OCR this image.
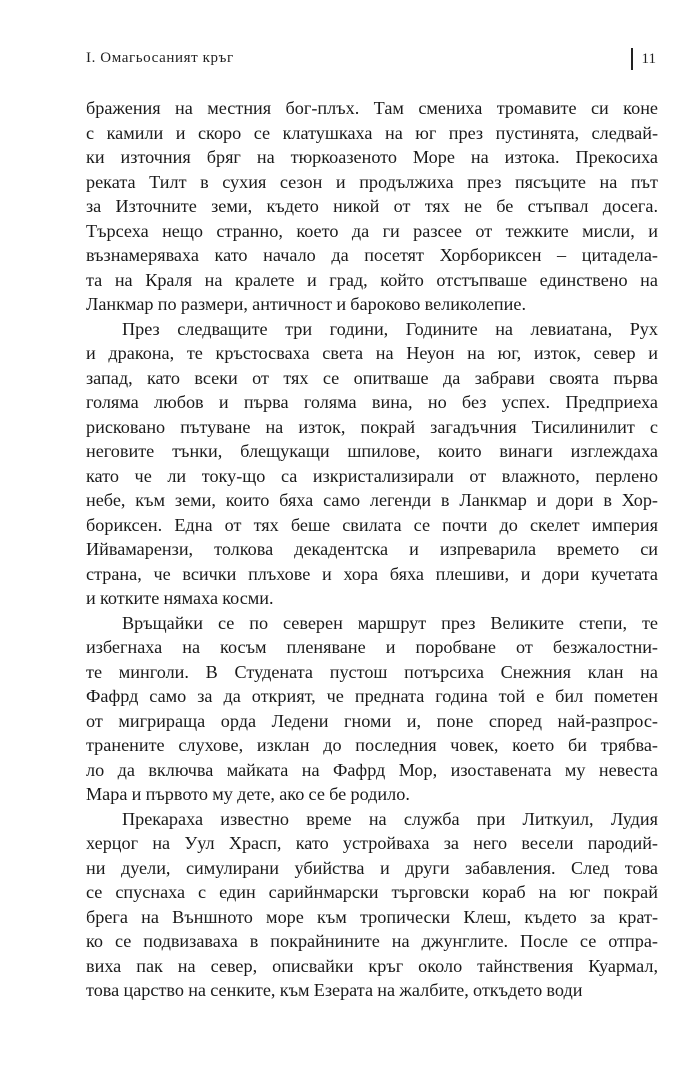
I. Омагьосаният кръг	11
бражения на местния бог-плъх. Там смениха тромавите си коне
с камили и скоро се клатушкаха на юг през пустинята, следвай-
ки източния бряг на тюркоазеното Море на изтока. Прекосиха
реката Тилт в сухия сезон и продължиха през пясъците на път
за Източните земи, където никой от тях не бе стъпвал досега.
Търсеха нещо странно, което да ги разсее от тежките мисли, и
възнамеряваха като начало да посетят Хорбориксен – цитадела-
та на Краля на кралете и град, който отстъпваше единствено на
Ланкмар по размери, античност и бароково великолепие.
През следващите три години, Годините на левиатана, Рух
и дракона, те кръстосваха света на Неуон на юг, изток, север и
запад, като всеки от тях се опитваше да забрави своята първа
голяма любов и първа голяма вина, но без успех. Предприеха
рисковано пътуване на изток, покрай загадъчния Тисилинилит с
неговите тънки, блещукащи шпилове, които винаги изглеждаха
като че ли току-що са изкристализирали от влажното, перлено
небе, към земи, които бяха само легенди в Ланкмар и дори в Хор-
бориксен. Една от тях беше свилата се почти до скелет империя
Ийвамарензи, толкова декадентска и изпреварила времето си
страна, че всички плъхове и хора бяха плешиви, и дори кучетата
и котките нямаха косми.
Връщайки се по северен маршрут през Великите степи, те
избегнаха на косъм пленяване и поробване от безжалостни-
те минголи. В Студената пустош потърсиха Снежния клан на
Фафрд само за да открият, че предната година той е бил пометен
от мигрираща орда Ледени гноми и, поне според най-разпрос-
транените слухове, изклан до последния човек, което би трябва-
ло да включва майката на Фафрд Мор, изоставената му невеста
Мара и първото му дете, ако се бе родило.
Прекараха известно време на служба при Литкуил, Лудия
херцог на Уул Храсп, като устройваха за него весели пародий-
ни дуели, симулирани убийства и други забавления. След това
се спуснаха с един сарийнмарски търговски кораб на юг покрай
брега на Външното море към тропически Клеш, където за крат-
ко се подвизаваха в покрайнините на джунглите. После се отпра-
виха пак на север, описвайки кръг около тайнствения Куармал,
това царство на сенките, към Езерата на жалбите, откъдето води
